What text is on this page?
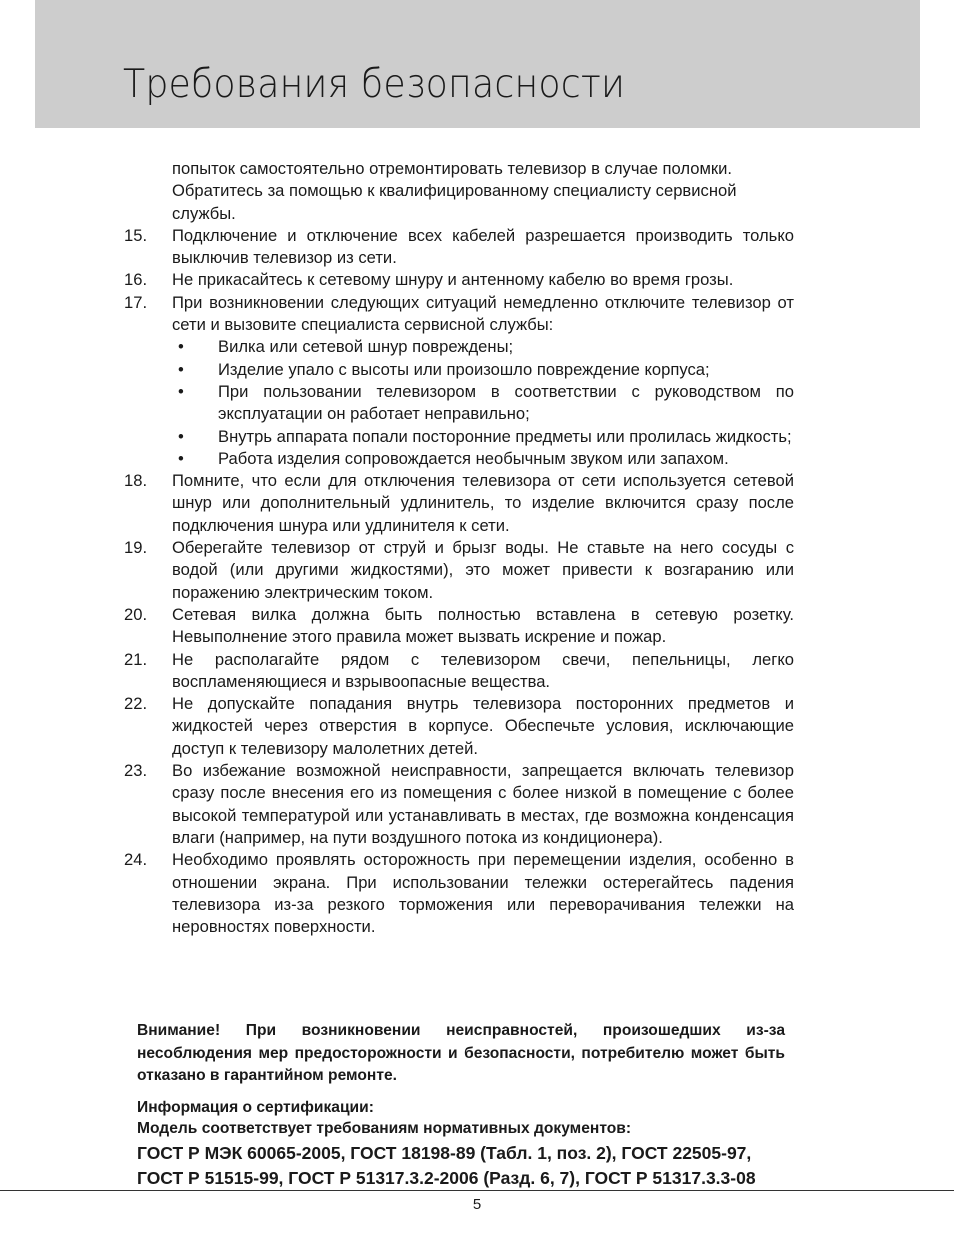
Требования безопасности
попыток самостоятельно отремонтировать телевизор в случае поломки.
Обратитесь за помощью к квалифицированному специалисту сервисной
службы.
15.	Подключение и отключение всех кабелей разрешается производить только выключив телевизор из сети.
16.	Не прикасайтесь к сетевому шнуру и антенному кабелю во время грозы.
17.	При возникновении следующих ситуаций немедленно отключите телевизор от сети и вызовите специалиста сервисной службы:
•	Вилка или сетевой шнур повреждены;
•	Изделие упало с высоты или произошло повреждение корпуса;
•	При пользовании телевизором в соответствии с руководством по эксплуатации он работает неправильно;
•	Внутрь аппарата попали посторонние предметы или пролилась жидкость;
•	Работа изделия сопровождается необычным звуком или запахом.
18.	Помните, что если для отключения телевизора от сети используется сетевой шнур или дополнительный удлинитель, то изделие включится сразу после подключения шнура или удлинителя к сети.
19.	Оберегайте телевизор от струй и брызг воды. Не ставьте на него сосуды с водой (или другими жидкостями), это может привести к возгаранию или поражению электрическим током.
20.	Сетевая вилка должна быть полностью вставлена в сетевую розетку. Невыполнение этого правила может вызвать искрение и пожар.
21.	Не располагайте рядом с телевизором свечи, пепельницы, легко воспламеняющиеся и взрывоопасные вещества.
22.	Не допускайте попадания внутрь телевизора посторонних предметов и жидкостей через отверстия в корпусе. Обеспечьте условия, исключающие доступ к телевизору малолетних детей.
23.	Во избежание возможной неисправности, запрещается включать телевизор сразу после внесения его из помещения с более низкой в помещение с более высокой температурой или устанавливать в местах, где возможна конденсация влаги (например, на пути воздушного потока из кондиционера).
24.	Необходимо проявлять осторожность при перемещении изделия, особенно в отношении экрана. При использовании тележки остерегайтесь падения телевизора из-за резкого торможения или переворачивания тележки на неровностях поверхности.
Внимание! При возникновении неисправностей, произошедших из-за несоблюдения мер предосторожности и безопасности, потребителю может быть отказано в гарантийном ремонте.
Информация о сертификации:
Модель соответствует требованиям нормативных документов:
ГОСТ Р МЭК 60065-2005, ГОСТ 18198-89 (Табл. 1, поз. 2), ГОСТ 22505-97,
ГОСТ Р 51515-99, ГОСТ Р 51317.3.2-2006 (Разд. 6, 7), ГОСТ Р 51317.3.3-08
5
